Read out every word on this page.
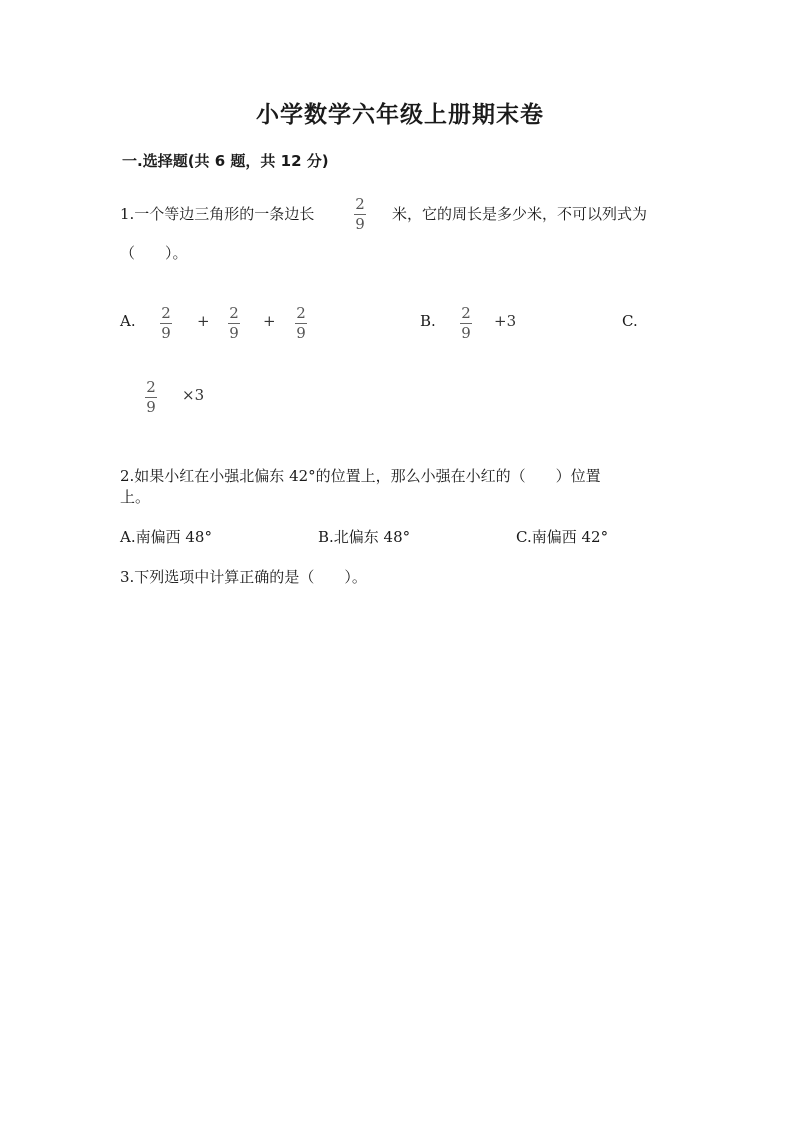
小学数学六年级上册期末卷
一.选择题(共 6 题，共 12 分)
1.一个等边三角形的一条边长
2
9
米，它的周长是多少米，不可以列式为
（　　）。
A. 2
9
+ 2
9
+ 2
9
B. 2
9
+3	C.
2
9
×3
2.如果小红在小强北偏东 42°的位置上，那么小强在小红的（　　）位置
上。
A.南偏西 48°	B.北偏东 48°	C.南偏西 42°
3.下列选项中计算正确的是（　　）。
